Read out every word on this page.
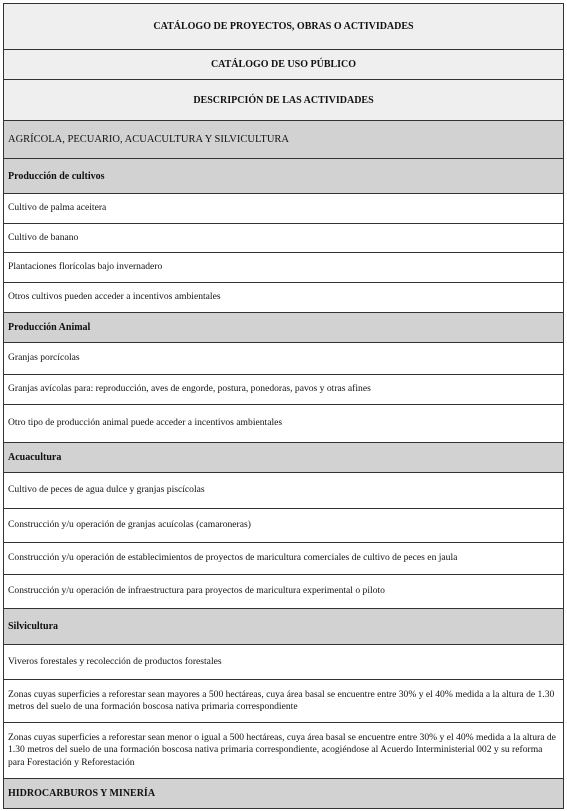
CATÁLOGO DE PROYECTOS, OBRAS O ACTIVIDADES
CATÁLOGO DE USO PÚBLICO
DESCRIPCIÓN DE LAS ACTIVIDADES
AGRÍCOLA, PECUARIO, ACUACULTURA Y SILVICULTURA
Producción de cultivos
Cultivo de palma aceitera
Cultivo de banano
Plantaciones florícolas bajo invernadero
Otros cultivos pueden acceder a incentivos ambientales
Producción Animal
Granjas porcícolas
Granjas avícolas para: reproducción, aves de engorde, postura, ponedoras, pavos y otras afines
Otro tipo de producción animal puede acceder a incentivos ambientales
Acuacultura
Cultivo de peces de agua dulce y granjas piscícolas
Construcción y/u operación de granjas acuícolas (camaroneras)
Construcción y/u operación de establecimientos de proyectos de maricultura comerciales de cultivo de peces en jaula
Construcción y/u operación de infraestructura para proyectos de maricultura experimental o piloto
Silvicultura
Viveros forestales y recolección de productos forestales
Zonas cuyas superficies a reforestar sean mayores a 500 hectáreas, cuya área basal se encuentre entre 30% y el 40% medida a la altura de 1.30 metros del suelo de una formación boscosa nativa primaria correspondiente
Zonas cuyas superficies a reforestar sean menor o igual a 500 hectáreas, cuya área basal se encuentre entre 30% y el 40% medida a la altura de 1.30 metros del suelo de una formación boscosa nativa primaria correspondiente, acogiéndose al Acuerdo Interministerial 002 y su reforma para Forestación y Reforestación
HIDROCARBUROS Y MINERÍA
